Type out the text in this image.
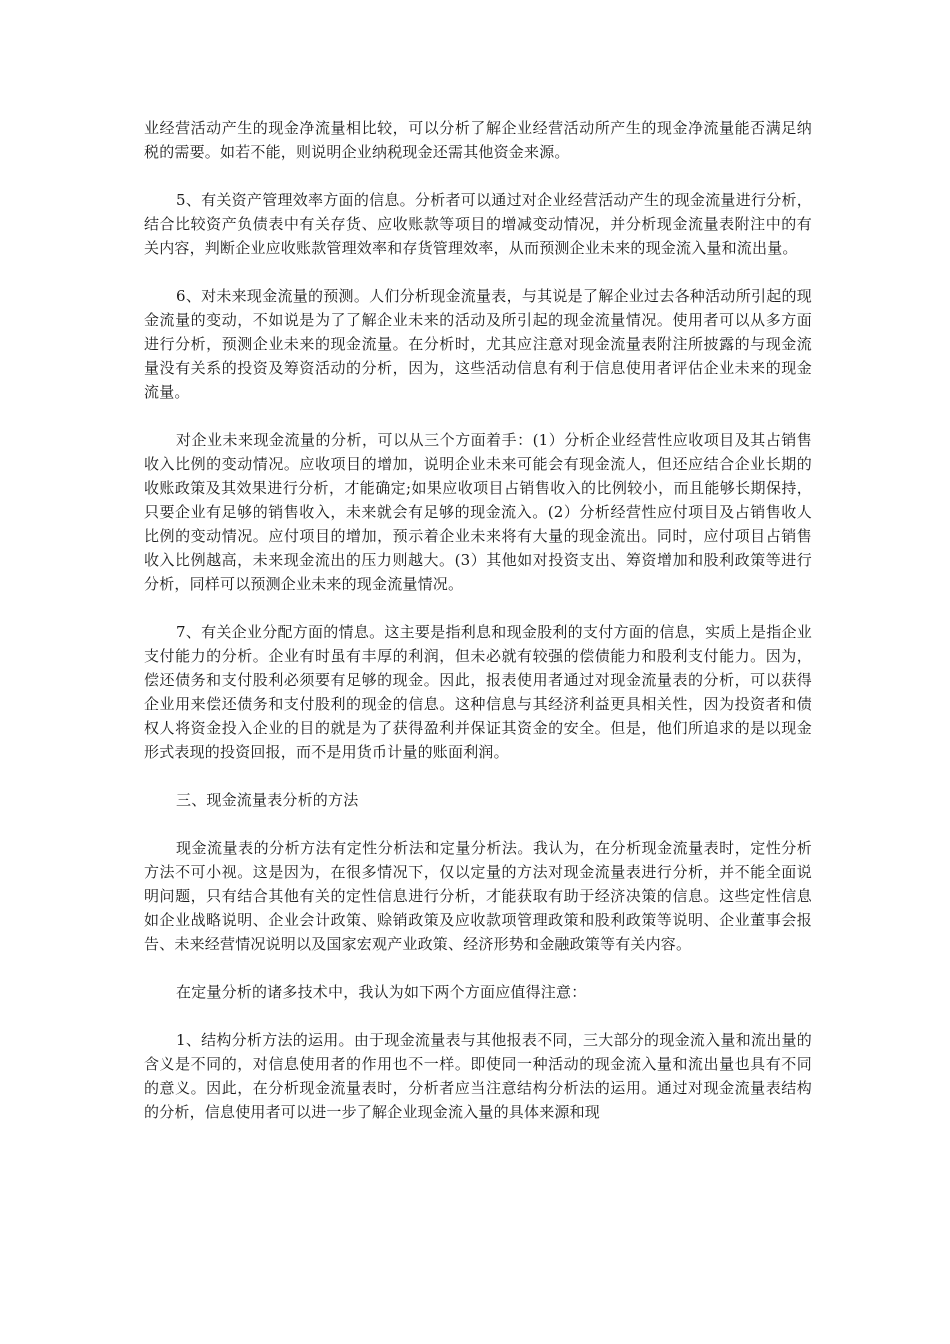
业经营活动产生的现金净流量相比较，可以分析了解企业经营活动所产生的现金净流量能否满足纳税的需要。如若不能，则说明企业纳税现金还需其他资金来源。

5、有关资产管理效率方面的信息。分析者可以通过对企业经营活动产生的现金流量进行分析，结合比较资产负债表中有关存货、应收账款等项目的增减变动情况，并分析现金流量表附注中的有关内容，判断企业应收账款管理效率和存货管理效率，从而预测企业未来的现金流入量和流出量。

6、对未来现金流量的预测。人们分析现金流量表，与其说是了解企业过去各种活动所引起的现金流量的变动，不如说是为了了解企业未来的活动及所引起的现金流量情况。使用者可以从多方面进行分析，预测企业未来的现金流量。在分析时，尤其应注意对现金流量表附注所披露的与现金流量没有关系的投资及筹资活动的分析，因为，这些活动信息有利于信息使用者评估企业未来的现金流量。

对企业未来现金流量的分析，可以从三个方面着手：(1）分析企业经营性应收项目及其占销售收入比例的变动情况。应收项目的增加，说明企业未来可能会有现金流人，但还应结合企业长期的收账政策及其效果进行分析，才能确定;如果应收项目占销售收入的比例较小，而且能够长期保持，只要企业有足够的销售收入，未来就会有足够的现金流入。(2）分析经营性应付项目及占销售收人比例的变动情况。应付项目的增加，预示着企业未来将有大量的现金流出。同时，应付项目占销售收入比例越高，未来现金流出的压力则越大。(3）其他如对投资支出、筹资增加和股利政策等进行分析，同样可以预测企业未来的现金流量情况。

7、有关企业分配方面的情息。这主要是指利息和现金股利的支付方面的信息，实质上是指企业支付能力的分析。企业有时虽有丰厚的利润，但未必就有较强的偿债能力和股利支付能力。因为，偿还债务和支付股利必须要有足够的现金。因此，报表使用者通过对现金流量表的分析，可以获得企业用来偿还债务和支付股利的现金的信息。这种信息与其经济利益更具相关性，因为投资者和债权人将资金投入企业的目的就是为了获得盈利并保证其资金的安全。但是，他们所追求的是以现金形式表现的投资回报，而不是用货币计量的账面利润。

三、现金流量表分析的方法

现金流量表的分析方法有定性分析法和定量分析法。我认为，在分析现金流量表时，定性分析方法不可小视。这是因为，在很多情况下，仅以定量的方法对现金流量表进行分析，并不能全面说明问题，只有结合其他有关的定性信息进行分析，才能获取有助于经济决策的信息。这些定性信息如企业战略说明、企业会计政策、赊销政策及应收款项管理政策和股利政策等说明、企业董事会报告、未来经营情况说明以及国家宏观产业政策、经济形势和金融政策等有关内容。

在定量分析的诸多技术中，我认为如下两个方面应值得注意：

1、结构分析方法的运用。由于现金流量表与其他报表不同，三大部分的现金流入量和流出量的含义是不同的，对信息使用者的作用也不一样。即使同一种活动的现金流入量和流出量也具有不同的意义。因此，在分析现金流量表时，分析者应当注意结构分析法的运用。通过对现金流量表结构的分析，信息使用者可以进一步了解企业现金流入量的具体来源和现
